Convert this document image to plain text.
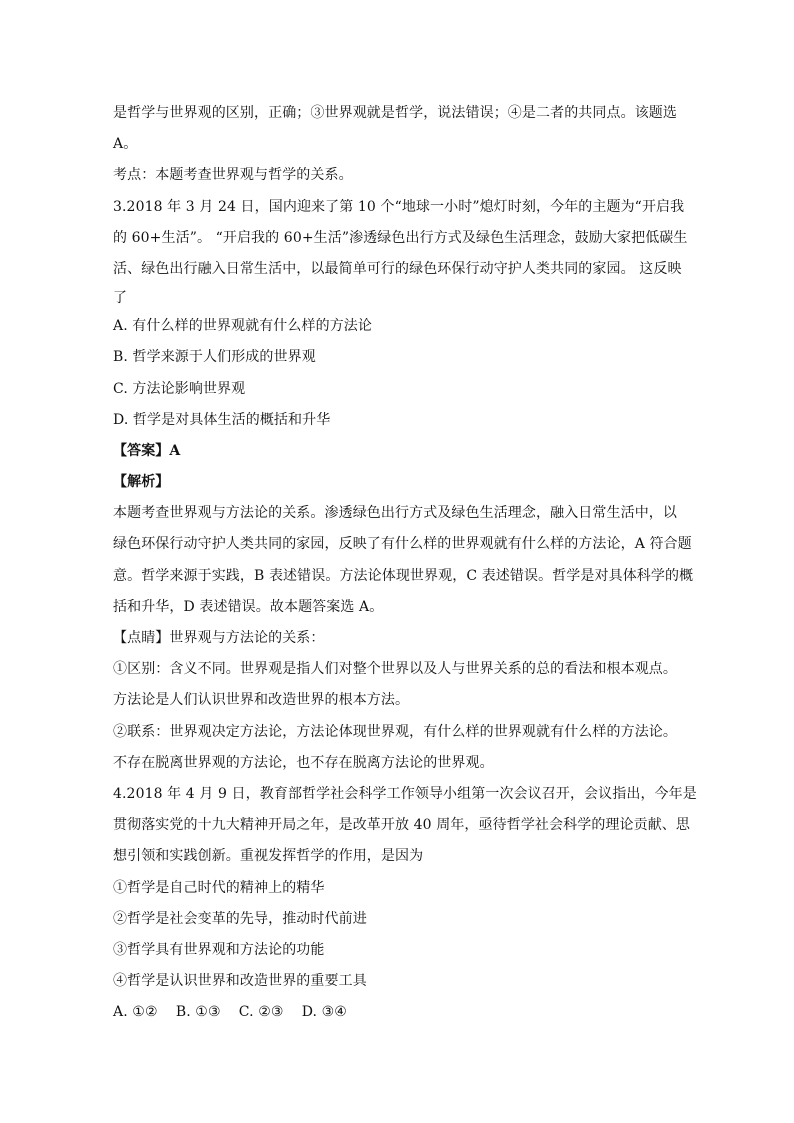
是哲学与世界观的区别，正确；③世界观就是哲学，说法错误；④是二者的共同点。该题选
A。
考点：本题考查世界观与哲学的关系。
3.2018 年 3 月 24 日，国内迎来了第 10 个“地球一小时”熄灯时刻，今年的主题为“开启我
的 60+生活”。 “开启我的 60+生活”渗透绿色出行方式及绿色生活理念，鼓励大家把低碳生
活、绿色出行融入日常生活中，以最简单可行的绿色环保行动守护人类共同的家园。 这反映
了
A. 有什么样的世界观就有什么样的方法论
B. 哲学来源于人们形成的世界观
C. 方法论影响世界观
D. 哲学是对具体生活的概括和升华
【答案】A
【解析】
本题考查世界观与方法论的关系。渗透绿色出行方式及绿色生活理念，融入日常生活中，以
绿色环保行动守护人类共同的家园，反映了有什么样的世界观就有什么样的方法论，A 符合题
意。哲学来源于实践，B 表述错误。方法论体现世界观，C 表述错误。哲学是对具体科学的概
括和升华，D 表述错误。故本题答案选 A。
【点睛】世界观与方法论的关系：
①区别：含义不同。世界观是指人们对整个世界以及人与世界关系的总的看法和根本观点。
方法论是人们认识世界和改造世界的根本方法。
②联系：世界观决定方法论，方法论体现世界观，有什么样的世界观就有什么样的方法论。
不存在脱离世界观的方法论，也不存在脱离方法论的世界观。
4.2018 年 4 月 9 日，教育部哲学社会科学工作领导小组第一次会议召开，会议指出，今年是
贯彻落实党的十九大精神开局之年，是改革开放 40 周年，亟待哲学社会科学的理论贡献、思
想引领和实践创新。重视发挥哲学的作用，是因为
①哲学是自己时代的精神上的精华
②哲学是社会变革的先导，推动时代前进
③哲学具有世界观和方法论的功能
④哲学是认识世界和改造世界的重要工具
A. ①②    B. ①③    C. ②③    D. ③④
